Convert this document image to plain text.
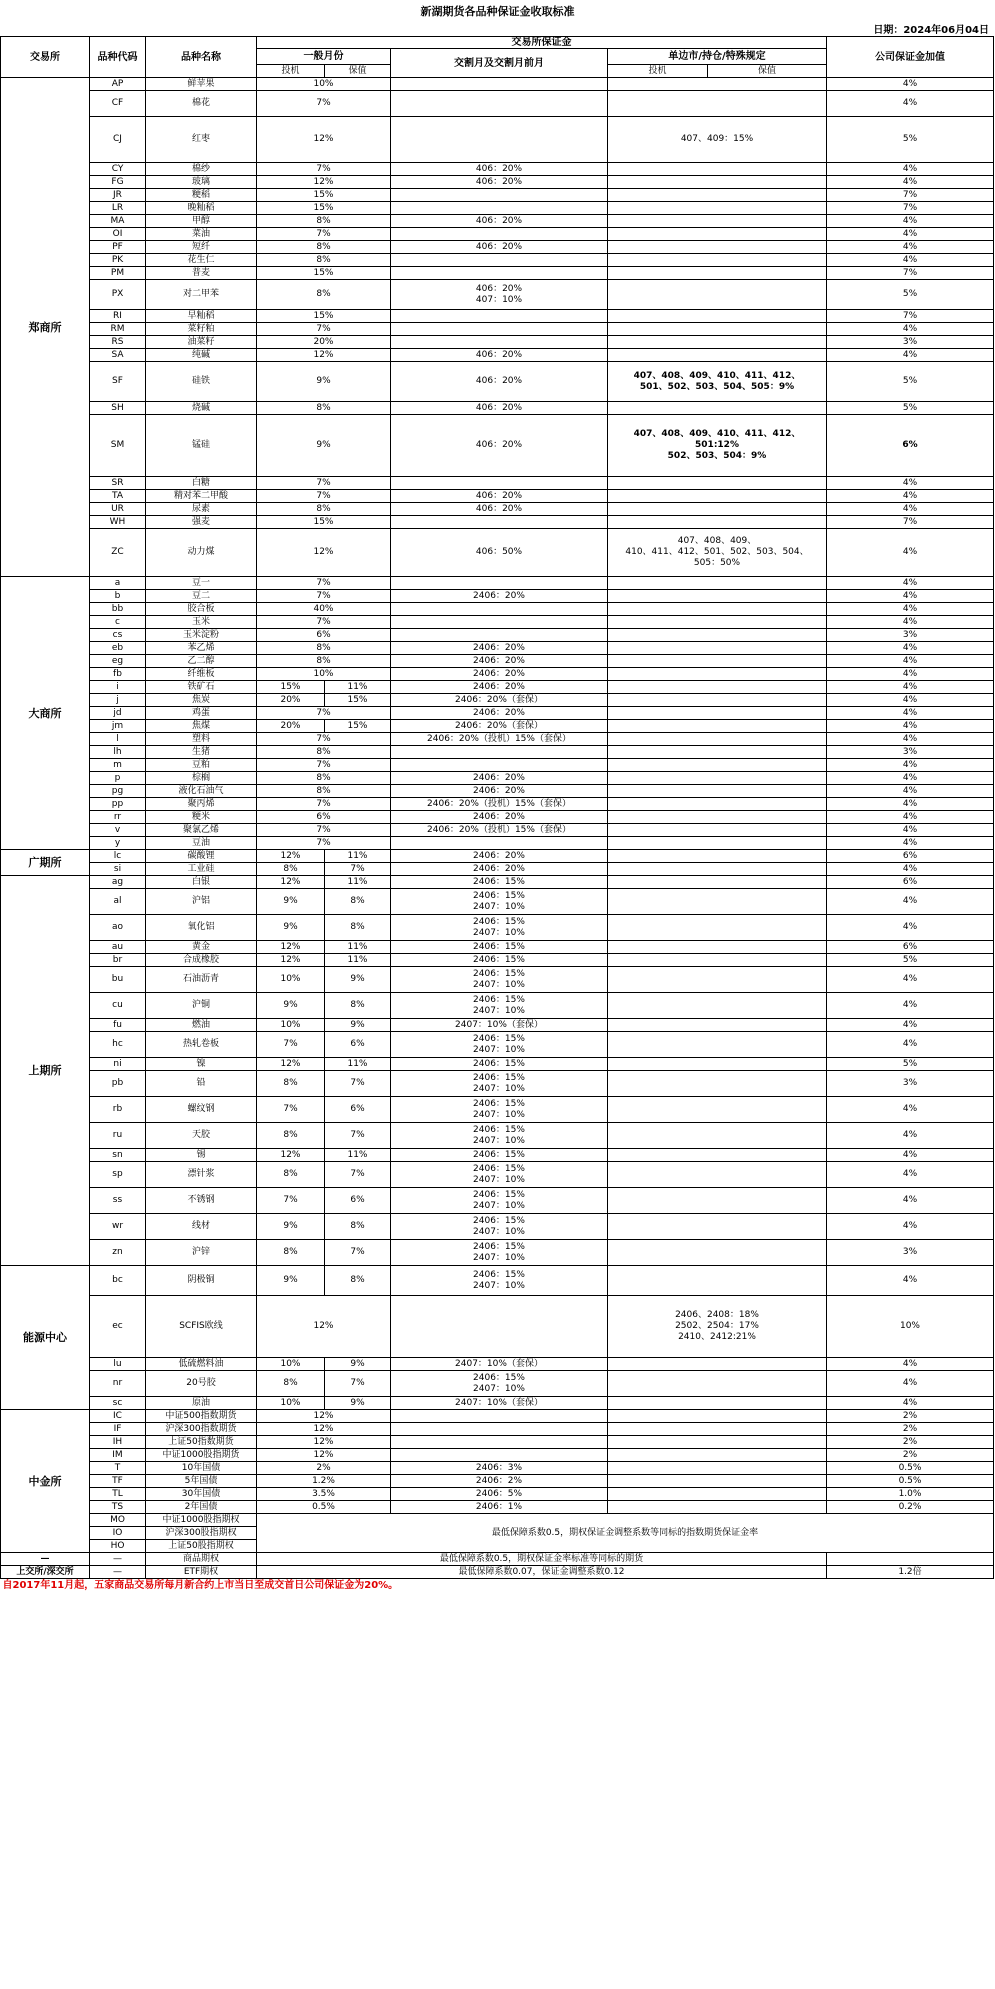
新湖期货各品种保证金收取标准
日期：2024年06月04日
交易所	品种代码	品种名称	交易所保证金					公司保证金加值
			一般月份		交割月及交割月前月	单边市/持仓/特殊规定		
			投机	保值		投机	保值	
郑商所	AP	鲜苹果	10%					4%
	CF	棉花	7%					4%
	CJ	红枣	12%			407、409：15%		5%
	CY	棉纱	7%		406：20%			4%
	FG	玻璃	12%		406：20%			4%
	JR	粳稻	15%					7%
	LR	晚籼稻	15%					7%
	MA	甲醇	8%		406：20%			4%
	OI	菜油	7%					4%
	PF	短纤	8%		406：20%			4%
	PK	花生仁	8%					4%
	PM	普麦	15%					7%
	PX	对二甲苯	8%		406：20%
407：10%			5%
	RI	早籼稻	15%					7%
	RM	菜籽粕	7%					4%
	RS	油菜籽	20%					3%
	SA	纯碱	12%		406：20%			4%
	SF	硅铁	9%		406：20%	407、408、409、410、411、412、
501、502、503、504、505：9%		5%
	SH	烧碱	8%		406：20%			5%
	SM	锰硅	9%		406：20%	407、408、409、410、411、412、
501:12%
502、503、504：9%		6%
	SR	白糖	7%					4%
	TA	精对苯二甲酸	7%		406：20%			4%
	UR	尿素	8%		406：20%			4%
	WH	强麦	15%					7%
	ZC	动力煤	12%		406：50%	407、408、409、
410、411、412、501、502、503、504、
505：50%		4%
大商所	a	豆一	7%					4%
	b	豆二	7%		2406：20%			4%
	bb	胶合板	40%					4%
	c	玉米	7%					4%
	cs	玉米淀粉	6%					3%
	eb	苯乙烯	8%		2406：20%			4%
	eg	乙二醇	8%		2406：20%			4%
	fb	纤维板	10%		2406：20%			4%
	i	铁矿石	15%	11%	2406：20%			4%
	j	焦炭	20%	15%	2406：20%（套保）			4%
	jd	鸡蛋	7%		2406：20%			4%
	jm	焦煤	20%	15%	2406：20%（套保）			4%
	l	塑料	7%		2406：20%（投机）15%（套保）			4%
	lh	生猪	8%					3%
	m	豆粕	7%					4%
	p	棕榈	8%		2406：20%			4%
	pg	液化石油气	8%		2406：20%			4%
	pp	聚丙烯	7%		2406：20%（投机）15%（套保）			4%
	rr	粳米	6%		2406：20%			4%
	v	聚氯乙烯	7%		2406：20%（投机）15%（套保）			4%
	y	豆油	7%					4%
广期所	lc	碳酸锂	12%	11%	2406：20%			6%
	si	工业硅	8%	7%	2406：20%			4%
上期所	ag	白银	12%	11%	2406：15%			6%
	al	沪铝	9%	8%	2406：15%
2407：10%			4%
	ao	氧化铝	9%	8%	2406：15%
2407：10%			4%
	au	黄金	12%	11%	2406：15%			6%
	br	合成橡胶	12%	11%	2406：15%			5%
	bu	石油沥青	10%	9%	2406：15%
2407：10%			4%
	cu	沪铜	9%	8%	2406：15%
2407：10%			4%
	fu	燃油	10%	9%	2407：10%（套保）			4%
	hc	热轧卷板	7%	6%	2406：15%
2407：10%			4%
	ni	镍	12%	11%	2406：15%			5%
	pb	铅	8%	7%	2406：15%
2407：10%			3%
	rb	螺纹钢	7%	6%	2406：15%
2407：10%			4%
	ru	天胶	8%	7%	2406：15%
2407：10%			4%
	sn	锡	12%	11%	2406：15%			4%
	sp	漂针浆	8%	7%	2406：15%
2407：10%			4%
	ss	不锈钢	7%	6%	2406：15%
2407：10%			4%
	wr	线材	9%	8%	2406：15%
2407：10%			4%
	zn	沪锌	8%	7%	2406：15%
2407：10%			3%
能源中心	bc	阴极铜	9%	8%	2406：15%
2407：10%			4%
	ec	SCFIS欧线	12%			2406、2408：18%
2502、2504：17%
2410、2412:21%		10%
	lu	低硫燃料油	10%	9%	2407：10%（套保）			4%
	nr	20号胶	8%	7%	2406：15%
2407：10%			4%
	sc	原油	10%	9%	2407：10%（套保）			4%
中金所	IC	中证500指数期货	12%					2%
	IF	沪深300指数期货	12%					2%
	IH	上证50指数期货	12%					2%
	IM	中证1000股指期货	12%					2%
	T	10年国债	2%		2406：3%			0.5%
	TF	5年国债	1.2%		2406：2%			0.5%
	TL	30年国债	3.5%		2406：5%			1.0%
	TS	2年国债	0.5%		2406：1%			0.2%
	MO	中证1000股指期权	最低保障系数0.5，期权保证金调整系数等同标的指数期货保证金率					
	IO	沪深300股指期权						
	HO	上证50股指期权						
—	—	商品期权	最低保障系数0.5，期权保证金率标准等同标的期货					
上交所/深交所	—	ETF期权	最低保障系数0.07，保证金调整系数0.12					1.2倍
自2017年11月起，五家商品交易所每月新合约上市当日至成交首日公司保证金为20%。								
